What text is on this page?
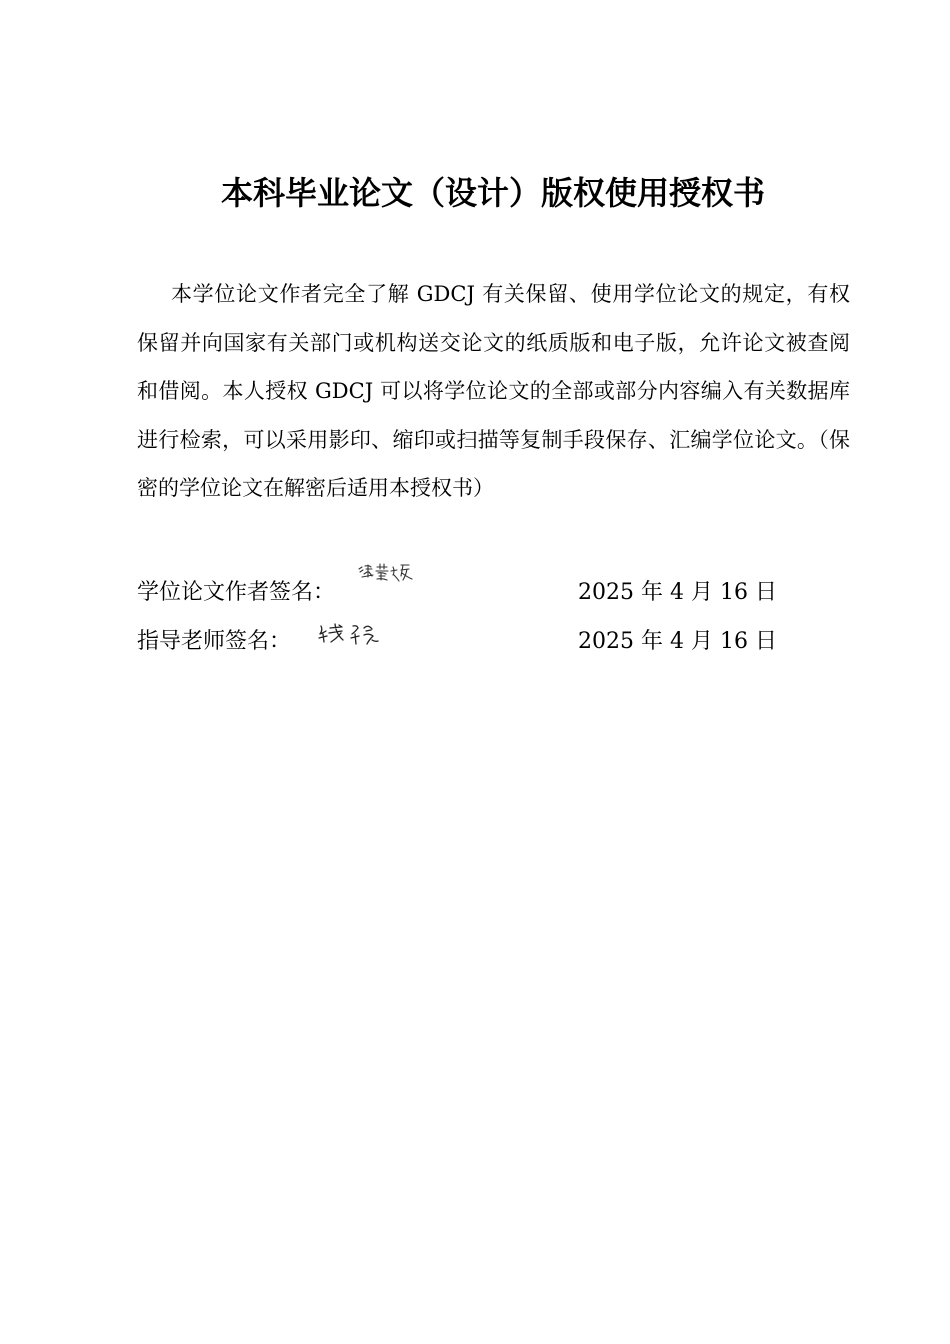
本科毕业论文（设计）版权使用授权书

本学位论文作者完全了解 GDCJ 有关保留、使用学位论文的规定，有权保留并向国家有关部门或机构送交论文的纸质版和电子版，允许论文被查阅和借阅。本人授权 GDCJ 可以将学位论文的全部或部分内容编入有关数据库进行检索，可以采用影印、缩印或扫描等复制手段保存、汇编学位论文。（保密的学位论文在解密后适用本授权书）

学位论文作者签名：	2025 年 4 月 16 日
指导老师签名：	2025 年 4 月 16 日
